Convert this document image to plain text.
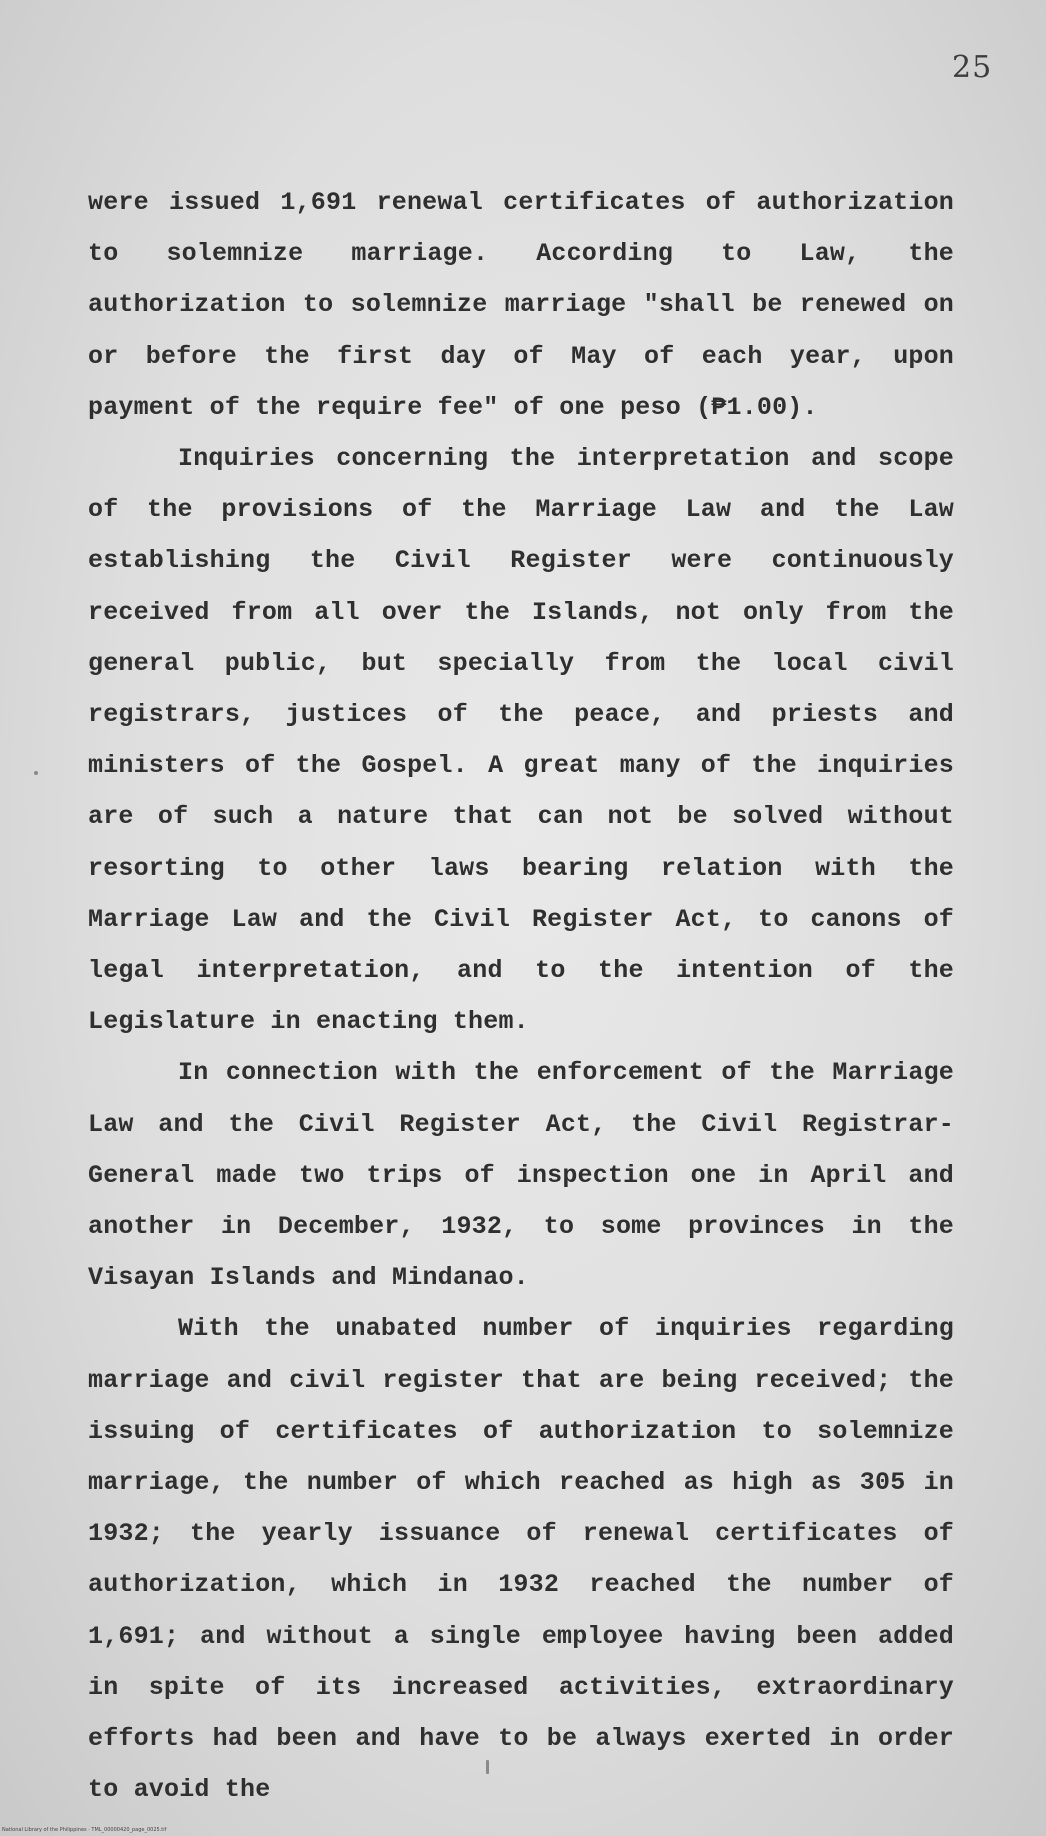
25

were issued 1,691 renewal certificates of authorization to solemnize marriage. According to Law, the authorization to solemnize marriage "shall be renewed on or before the first day of May of each year, upon payment of the require fee" of one peso (₱1.00).

Inquiries concerning the interpretation and scope of the provisions of the Marriage Law and the Law establishing the Civil Register were continuously received from all over the Islands, not only from the general public, but specially from the local civil registrars, justices of the peace, and priests and ministers of the Gospel. A great many of the inquiries are of such a nature that can not be solved without resorting to other laws bearing relation with the Marriage Law and the Civil Register Act, to canons of legal interpretation, and to the intention of the Legislature in enacting them.

In connection with the enforcement of the Marriage Law and the Civil Register Act, the Civil Registrar-General made two trips of inspection one in April and another in December, 1932, to some provinces in the Visayan Islands and Mindanao.

With the unabated number of inquiries regarding marriage and civil register that are being received; the issuing of certificates of authorization to solemnize marriage, the number of which reached as high as 305 in 1932; the yearly issuance of renewal certificates of authorization, which in 1932 reached the number of 1,691; and without a single employee having been added in spite of its increased activities, extraordinary efforts had been and have to be always exerted in order to avoid the

National Library of the Philippines · TML_00000420_page_0025.tif
